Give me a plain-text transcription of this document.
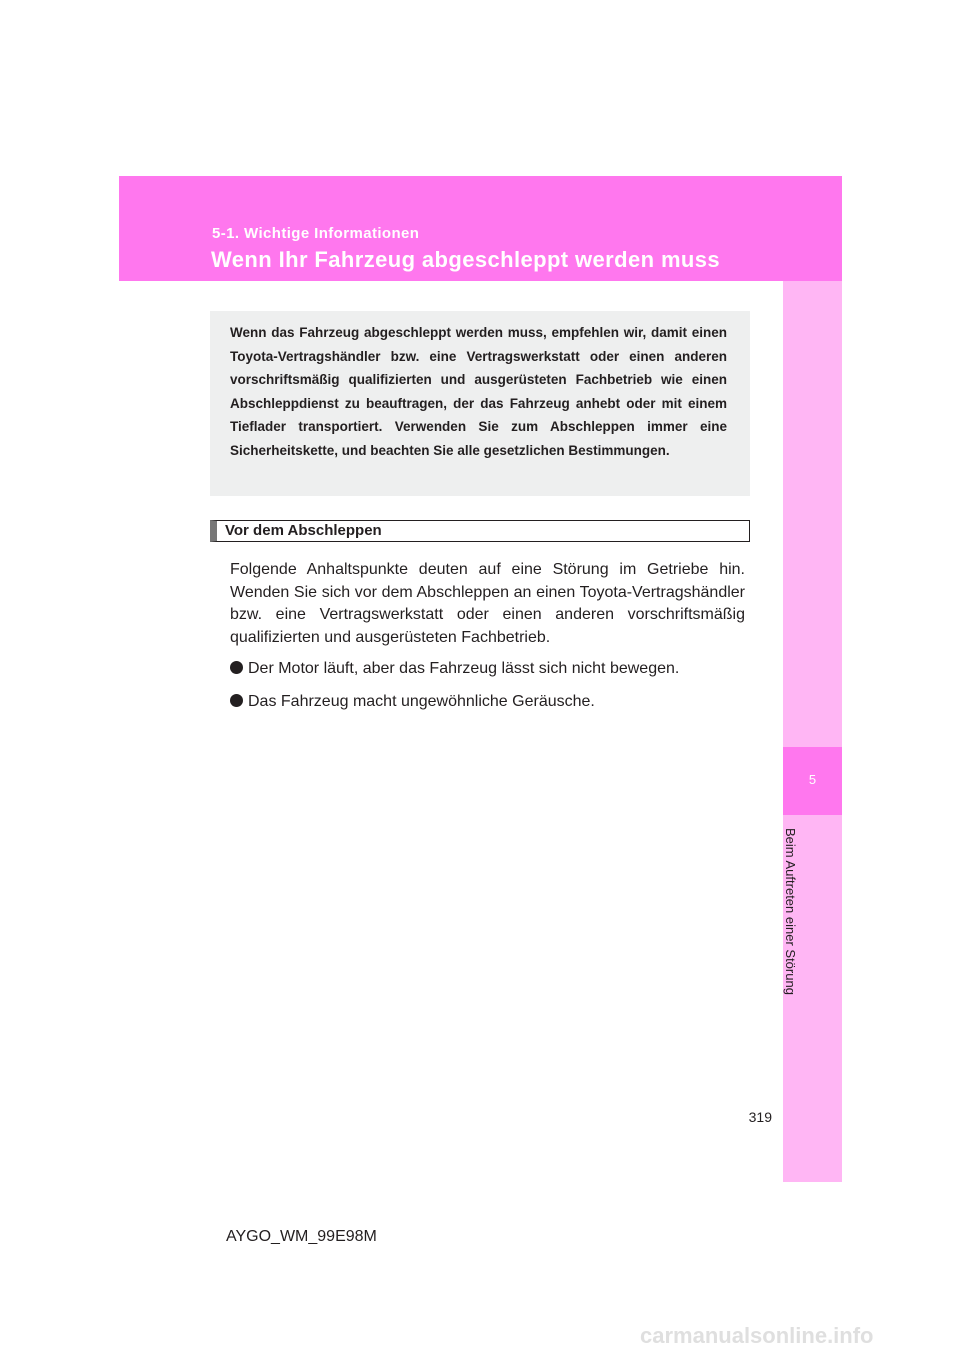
5-1. Wichtige Informationen
Wenn Ihr Fahrzeug abgeschleppt werden muss
5
Beim Auftreten einer Störung

Wenn das Fahrzeug abgeschleppt werden muss, empfehlen wir, damit einen Toyota-Vertragshändler bzw. eine Vertragswerkstatt oder einen anderen vorschriftsmäßig qualifizierten und ausgerüsteten Fachbetrieb wie einen Abschleppdienst zu beauftragen, der das Fahrzeug anhebt oder mit einem Tieflader transportiert. Verwenden Sie zum Abschleppen immer eine Sicherheitskette, und beachten Sie alle gesetzlichen Bestimmungen.

Vor dem Abschleppen

Folgende Anhaltspunkte deuten auf eine Störung im Getriebe hin. Wenden Sie sich vor dem Abschleppen an einen Toyota-Vertragshändler bzw. eine Vertragswerkstatt oder einen anderen vorschriftsmäßig qualifizierten und ausgerüsteten Fachbetrieb.

Der Motor läuft, aber das Fahrzeug lässt sich nicht bewegen.
Das Fahrzeug macht ungewöhnliche Geräusche.
319
AYGO_WM_99E98M
carmanualsonline.info
